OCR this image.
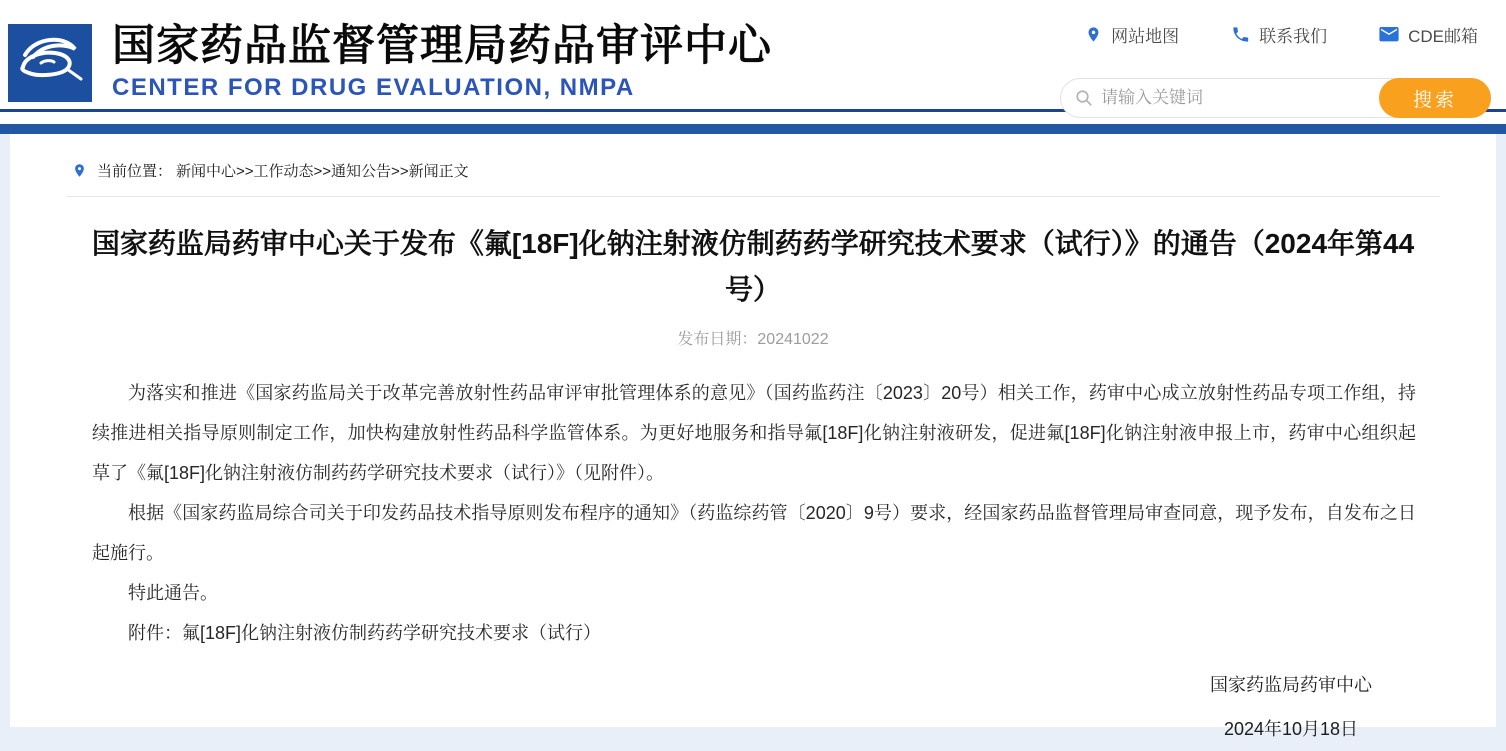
国家药品监督管理局药品审评中心
CENTER FOR DRUG EVALUATION, NMPA
网站地图	联系我们	CDE邮箱
请输入关键词
搜索
当前位置： 新闻中心>>工作动态>>通知公告>>新闻正文
国家药监局药审中心关于发布《氟[18F]化钠注射液仿制药药学研究技术要求（试行）》的通告（2024年第44号）
发布日期：20241022

为落实和推进《国家药监局关于改革完善放射性药品审评审批管理体系的意见》（国药监药注〔2023〕20号）相关工作，药审中心成立放射性药品专项工作组，持续推进相关指导原则制定工作，加快构建放射性药品科学监管体系。为更好地服务和指导氟[18F]化钠注射液研发，促进氟[18F]化钠注射液申报上市，药审中心组织起草了《氟[18F]化钠注射液仿制药药学研究技术要求（试行）》（见附件）。

根据《国家药监局综合司关于印发药品技术指导原则发布程序的通知》（药监综药管〔2020〕9号）要求，经国家药品监督管理局审查同意，现予发布，自发布之日起施行。

特此通告。

附件：氟[18F]化钠注射液仿制药药学研究技术要求（试行）

国家药监局药审中心
2024年10月18日
